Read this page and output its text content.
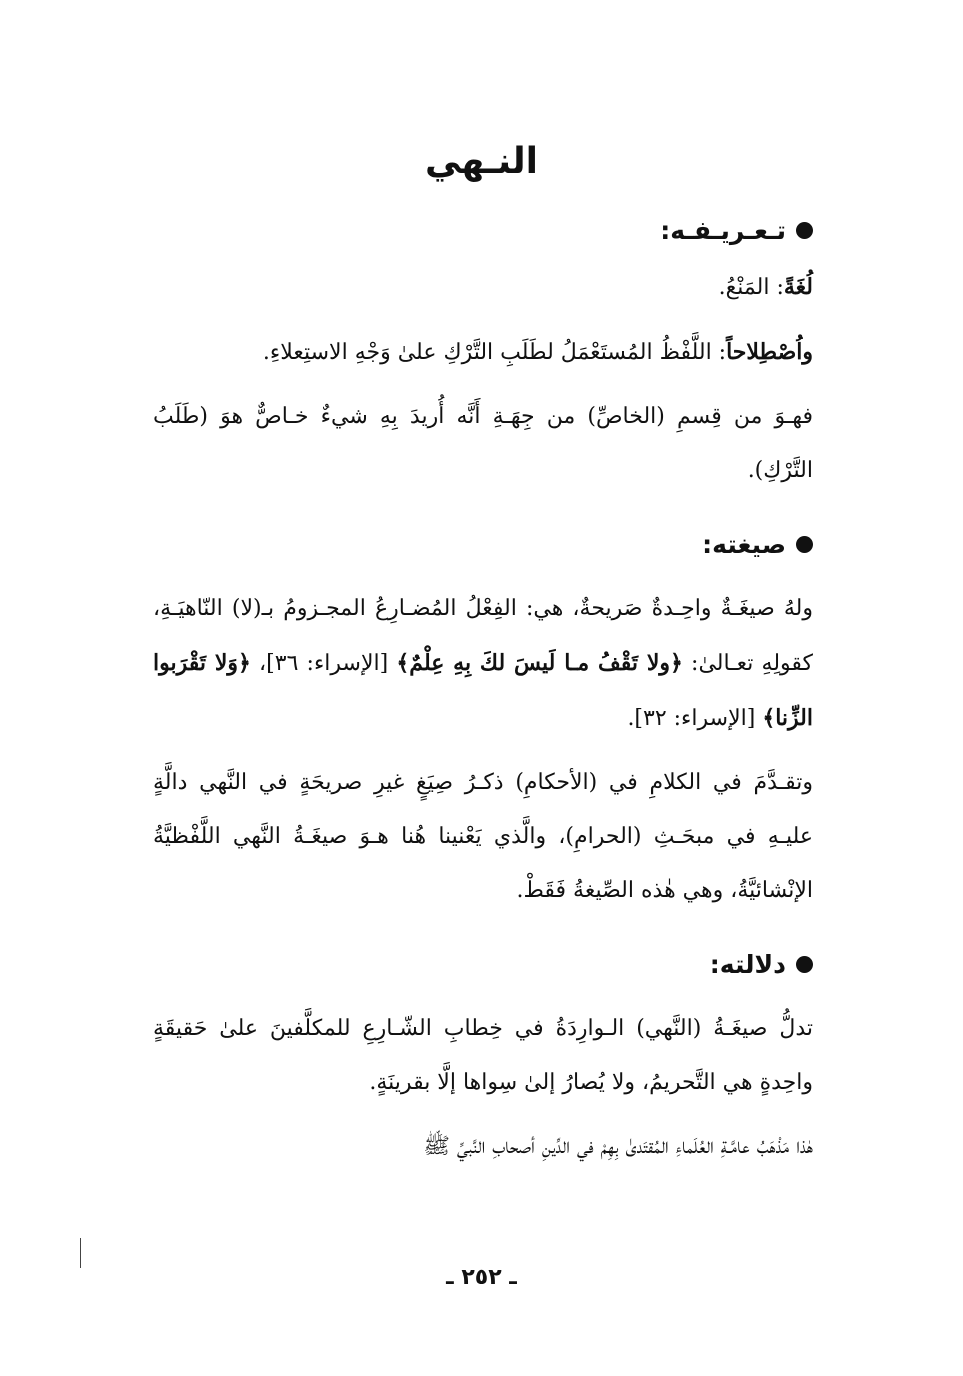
النـهي
تـعـريـفـه:

لُغَةً: المَنْعُ.

واُصْطِلاحاً: اللَّفْظُ المُستَعْمَلُ لطَلَبِ التَّرْكِ علىٰ وَجْهِ الاستِعلاءِ.

فهـوَ من قِسمِ (الخاصِّ) من جِهَـةِ أَنَّه أُريدَ بِهِ شيءٌ خـاصٌّ هوَ (طَلَبُ التَّرْكِ).

صيغته:

ولهُ صيغَـةٌ واحِـدةٌ صَريحةٌ، هي: الفِعْلُ المُضـارِعُ المجـزومُ بـ(لا) النّاهيَـةِ، كقولِهِ تعـالىٰ: ﴿ولا تَقْفُ مـا لَيسَ لكَ بِهِ عِلْمٌ﴾ [الإسراء: ٣٦]، ﴿وَلا تَقْرَبوا الزِّنا﴾ [الإسراء: ٣٢].

وتقـدَّمَ في الكلامِ في (الأحكامِ) ذكـرُ صِيَغٍ غيرِ صريحَةٍ في النَّهي دالَّةٍ عليـهِ في مبحَـثِ (الحرامِ)، والَّذي يَعْنينا هُنا هـوَ صيغَـةُ النَّهي اللَّفْظيَّةُ الإنْشائيَّةُ، وهي هٰذه الصِّيغةُ فَقَطْ.

دلالته:

تدلُّ صيغَـةُ (النَّهي) الـوارِدَةُ في خِطابِ الشّـارِعِ للمكلَّفينَ علىٰ حَقيقَةٍ واحِدةٍ هي التَّحريمُ، ولا يُصارُ إلىٰ سِواها إلَّا بقرينَةٍ.

هٰذا مَذْهَبُ عامَّـةِ العُلَماءِ المُقتَدىٰ بِهِمْ في الدِّينِ أصحابِ النَّبيِّ ﷺ

ـ ٢٥٢ ـ
